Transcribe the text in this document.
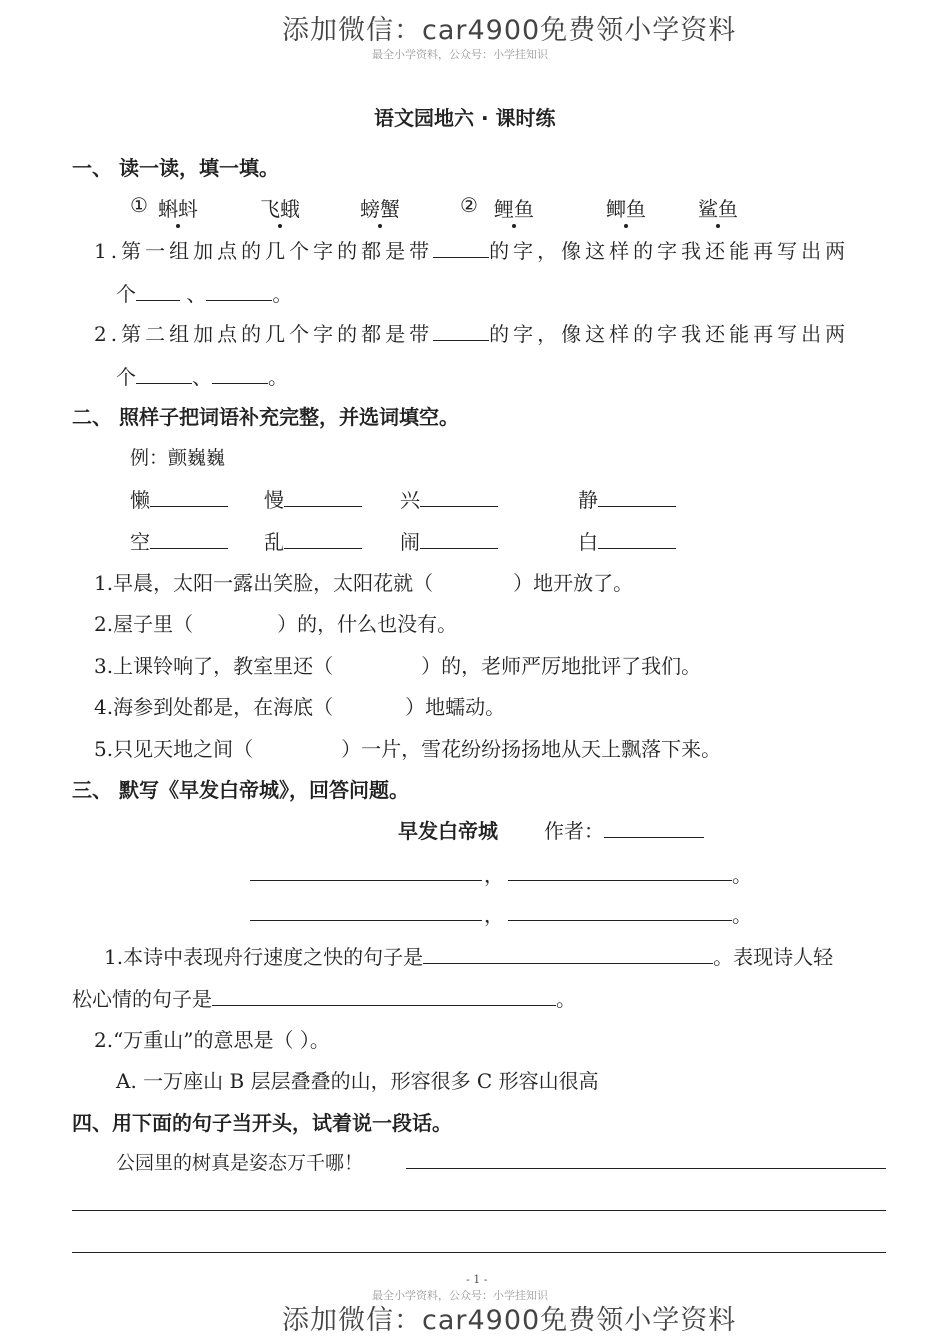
添加微信：car4900免费领小学资料
最全小学资料，公众号：小学挂知识
语文园地六 · 课时练
一、 读一读，填一填。
① 蝌蚪	飞蛾	螃蟹	② 鲤鱼	鲫鱼	鲨鱼
1.第一组加点的几个字的都是带	的字，像这样的字我还能再写出两
个	、	。
2.第二组加点的几个字的都是带	的字，像这样的字我还能再写出两
个	、	。
二、 照样子把词语补充完整，并选词填空。
例：颤巍巍
懒	慢	兴	静
空	乱	闹	白
1.早晨，太阳一露出笑脸，太阳花就（	）地开放了。
2.屋子里（	）的，什么也没有。
3.上课铃响了，教室里还（	）的，老师严厉地批评了我们。
4.海参到处都是，在海底（	）地蠕动。
5.只见天地之间（	）一片，雪花纷纷扬扬地从天上飘落下来。
三、 默写《早发白帝城》，回答问题。
早发白帝城 作者：
，	。
，	。
1.本诗中表现舟行速度之快的句子是	。表现诗人轻
松心情的句子是	。
2.“万重山”的意思是（ ）。
A. 一万座山 B 层层叠叠的山，形容很多 C 形容山很高
四、用下面的句子当开头，试着说一段话。
公园里的树真是姿态万千哪！
- 1 -
最全小学资料，公众号：小学挂知识
添加微信：car4900免费领小学资料
